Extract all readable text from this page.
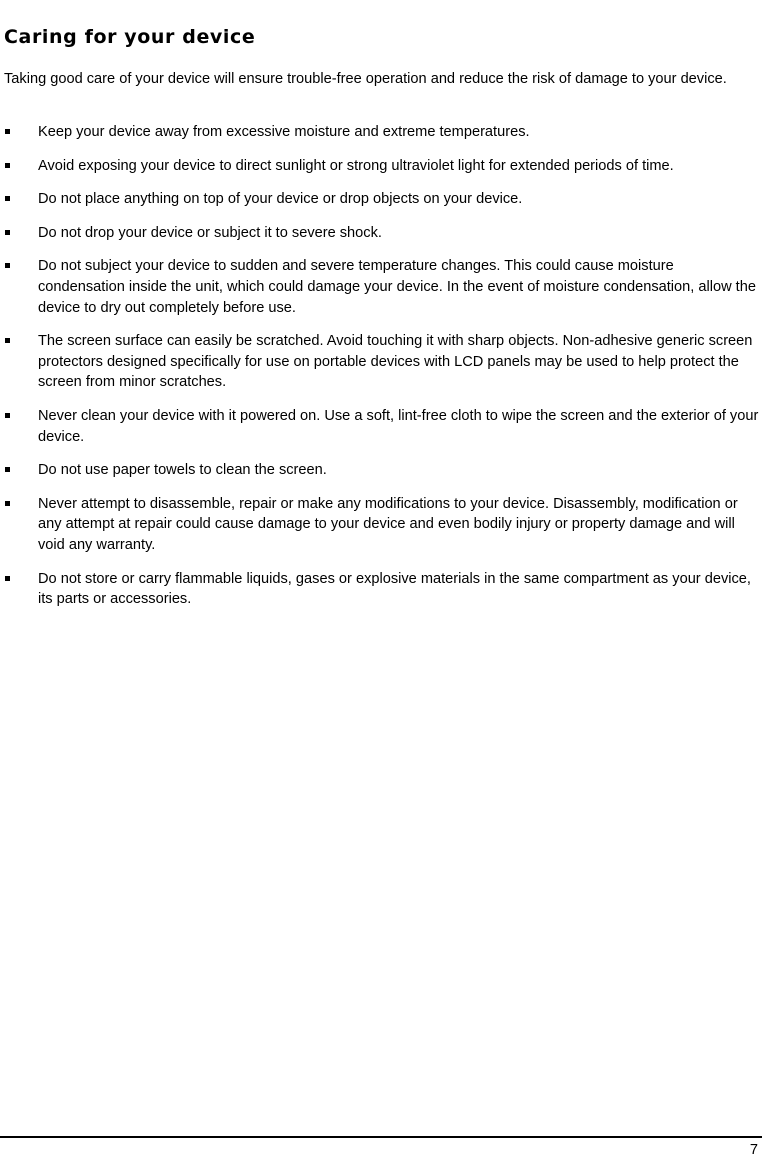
Caring for your device

Taking good care of your device will ensure trouble-free operation and reduce the risk of damage to your device.

Keep your device away from excessive moisture and extreme temperatures.
Avoid exposing your device to direct sunlight or strong ultraviolet light for extended periods of time.
Do not place anything on top of your device or drop objects on your device.
Do not drop your device or subject it to severe shock.
Do not subject your device to sudden and severe temperature changes. This could cause moisture condensation inside the unit, which could damage your device. In the event of moisture condensation, allow the device to dry out completely before use.
The screen surface can easily be scratched. Avoid touching it with sharp objects. Non-adhesive generic screen protectors designed specifically for use on portable devices with LCD panels may be used to help protect the screen from minor scratches.
Never clean your device with it powered on. Use a soft, lint-free cloth to wipe the screen and the exterior of your device.
Do not use paper towels to clean the screen.
Never attempt to disassemble, repair or make any modifications to your device. Disassembly, modification or any attempt at repair could cause damage to your device and even bodily injury or property damage and will void any warranty.
Do not store or carry flammable liquids, gases or explosive materials in the same compartment as your device, its parts or accessories.
7
